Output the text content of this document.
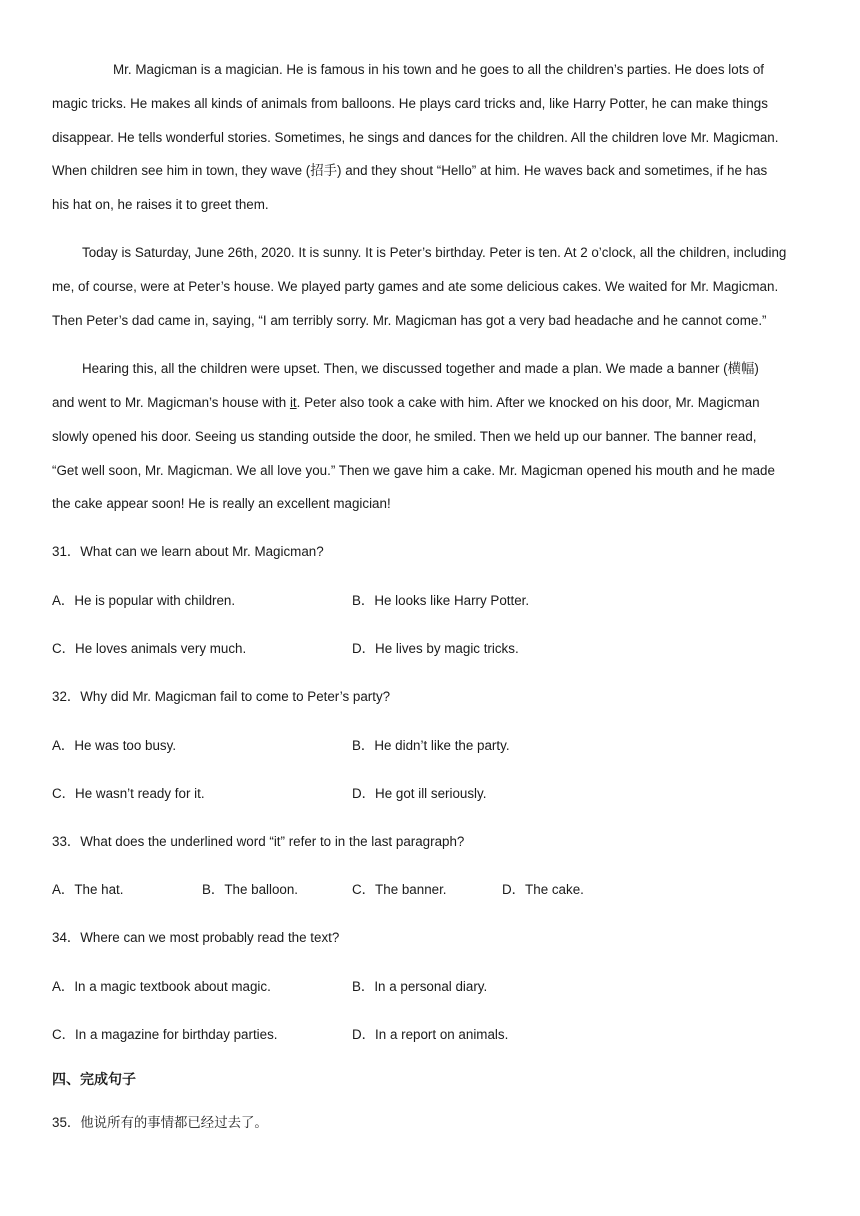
Mr. Magicman is a magician. He is famous in his town and he goes to all the children’s parties. He does lots of

magic tricks. He makes all kinds of animals from balloons. He plays card tricks and, like Harry Potter, he can make things

disappear. He tells wonderful stories. Sometimes, he sings and dances for the children. All the children love Mr. Magicman.

When children see him in town, they wave (招手) and they shout “Hello” at him. He waves back and sometimes, if he has

his hat on, he raises it to greet them.

Today is Saturday, June 26th, 2020. It is sunny. It is Peter’s birthday. Peter is ten. At 2 o’clock, all the children, including

me, of course, were at Peter’s house. We played party games and ate some delicious cakes. We waited for Mr. Magicman.

Then Peter’s dad came in, saying, “I am terribly sorry. Mr. Magicman has got a very bad headache and he cannot come.”

Hearing this, all the children were upset. Then, we discussed together and made a plan. We made a banner (横幅)

and went to Mr. Magicman’s house with it. Peter also took a cake with him. After we knocked on his door, Mr. Magicman

slowly opened his door. Seeing us standing outside the door, he smiled. Then we held up our banner. The banner read,

“Get well soon, Mr. Magicman. We all love you.” Then we gave him a cake. Mr. Magicman opened his mouth and he made

the cake appear soon! He is really an excellent magician!

31．What can we learn about Mr. Magicman?

A．He is popular with children.	B．He looks like Harry Potter.

C．He loves animals very much.	D．He lives by magic tricks.

32．Why did Mr. Magicman fail to come to Peter’s party?

A．He was too busy.	B．He didn’t like the party.

C．He wasn’t ready for it.	D．He got ill seriously.

33．What does the underlined word “it” refer to in the last paragraph?

A．The hat.	B．The balloon.	C．The banner.	D．The cake.

34．Where can we most probably read the text?

A．In a magic textbook about magic.	B．In a personal diary.

C．In a magazine for birthday parties.	D．In a report on animals.

四、完成句子

35．他说所有的事情都已经过去了。
